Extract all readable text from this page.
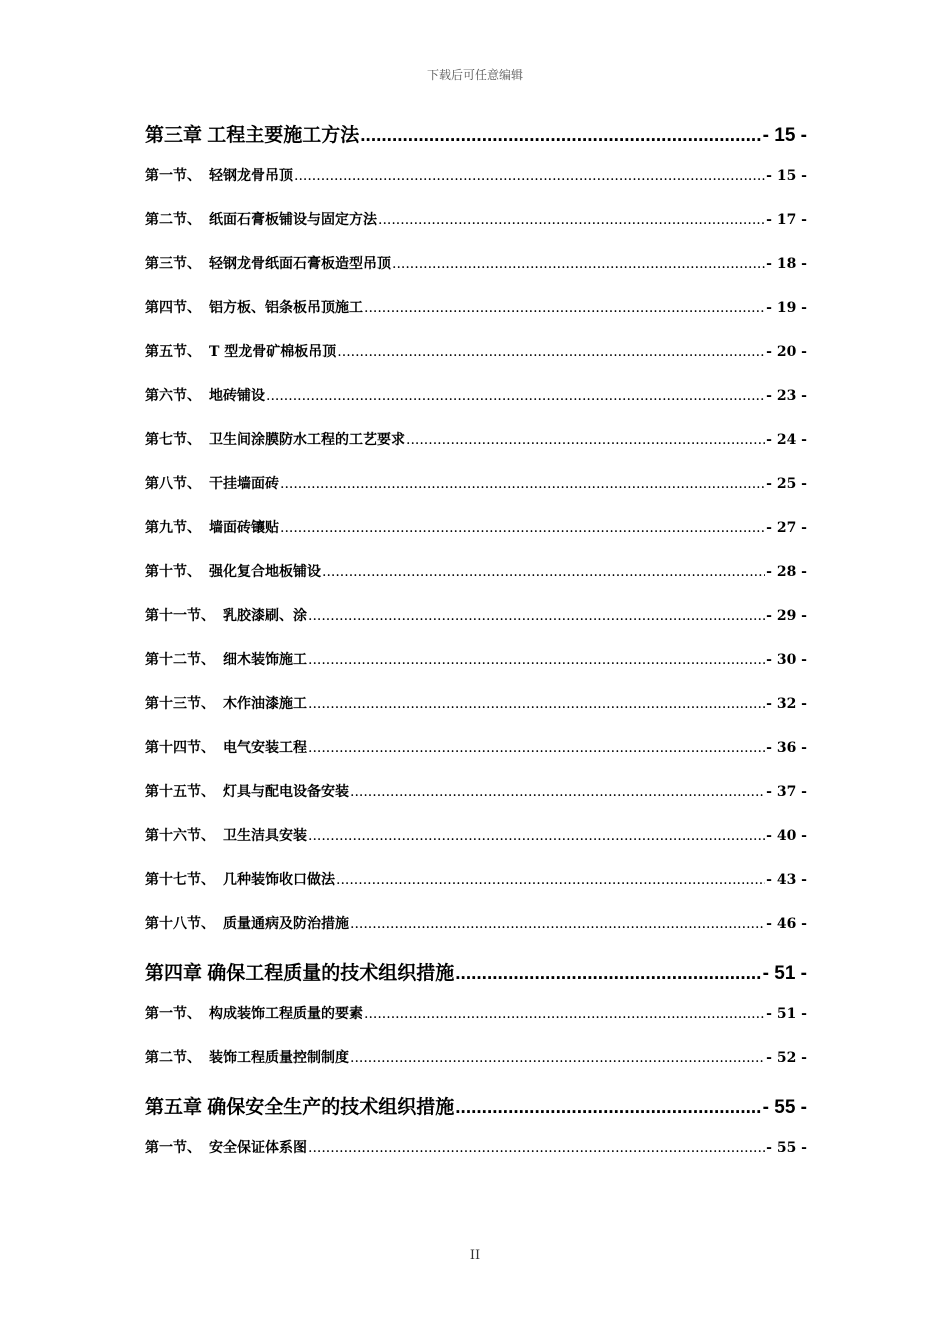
下载后可任意编辑
第三章 工程主要施工方法 .....	- 15 -
第一节、 轻钢龙骨吊顶 .....	- 15 -
第二节、 纸面石膏板铺设与固定方法 .....	- 17 -
第三节、 轻钢龙骨纸面石膏板造型吊顶 .....	- 18 -
第四节、 铝方板、铝条板吊顶施工 .....	- 19 -
第五节、 T 型龙骨矿棉板吊顶 .....	- 20 -
第六节、 地砖铺设 .....	- 23 -
第七节、 卫生间涂膜防水工程的工艺要求 .....	- 24 -
第八节、 干挂墙面砖 .....	- 25 -
第九节、 墙面砖镶贴 .....	- 27 -
第十节、 强化复合地板铺设 .....	- 28 -
第十一节、 乳胶漆刷、涂 .....	- 29 -
第十二节、 细木装饰施工 .....	- 30 -
第十三节、 木作油漆施工 .....	- 32 -
第十四节、 电气安装工程 .....	- 36 -
第十五节、 灯具与配电设备安装 .....	- 37 -
第十六节、 卫生洁具安装 .....	- 40 -
第十七节、 几种装饰收口做法 .....	- 43 -
第十八节、 质量通病及防治措施 .....	- 46 -
第四章 确保工程质量的技术组织措施 .....	- 51 -
第一节、 构成装饰工程质量的要素 .....	- 51 -
第二节、 装饰工程质量控制制度 .....	- 52 -
第五章 确保安全生产的技术组织措施 .....	- 55 -
第一节、 安全保证体系图 .....	- 55 -
II
